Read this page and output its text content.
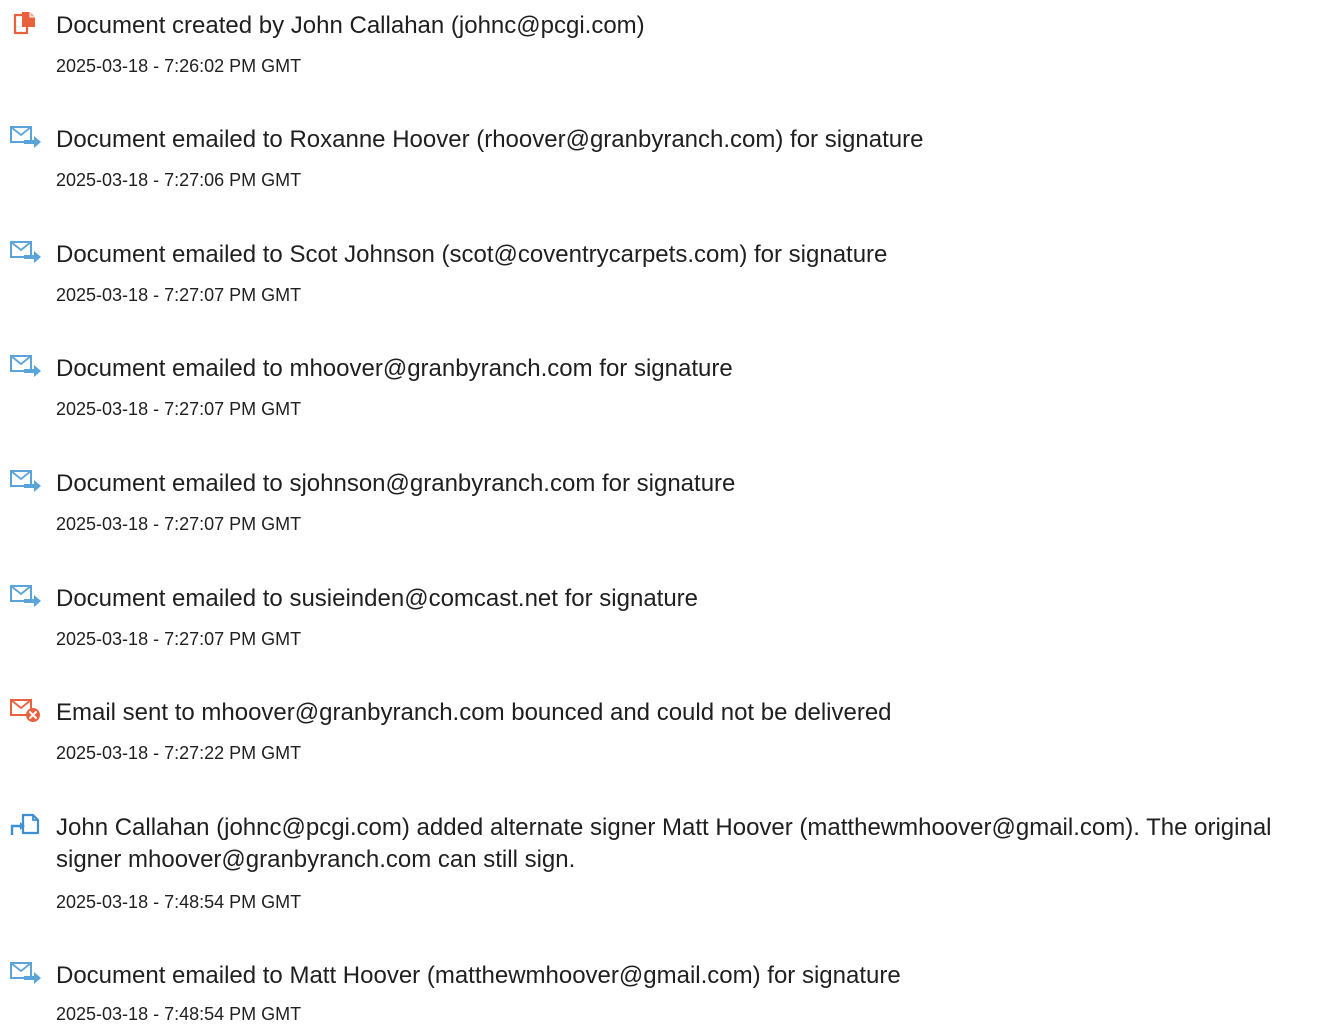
Document created by John Callahan (johnc@pcgi.com)

2025-03-18 - 7:26:02 PM GMT

Document emailed to Roxanne Hoover (rhoover@granbyranch.com) for signature

2025-03-18 - 7:27:06 PM GMT

Document emailed to Scot Johnson (scot@coventrycarpets.com) for signature

2025-03-18 - 7:27:07 PM GMT

Document emailed to mhoover@granbyranch.com for signature

2025-03-18 - 7:27:07 PM GMT

Document emailed to sjohnson@granbyranch.com for signature

2025-03-18 - 7:27:07 PM GMT

Document emailed to susieinden@comcast.net for signature

2025-03-18 - 7:27:07 PM GMT

Email sent to mhoover@granbyranch.com bounced and could not be delivered

2025-03-18 - 7:27:22 PM GMT

John Callahan (johnc@pcgi.com) added alternate signer Matt Hoover (matthewmhoover@gmail.com). The original signer mhoover@granbyranch.com can still sign.

2025-03-18 - 7:48:54 PM GMT

Document emailed to Matt Hoover (matthewmhoover@gmail.com) for signature

2025-03-18 - 7:48:54 PM GMT
